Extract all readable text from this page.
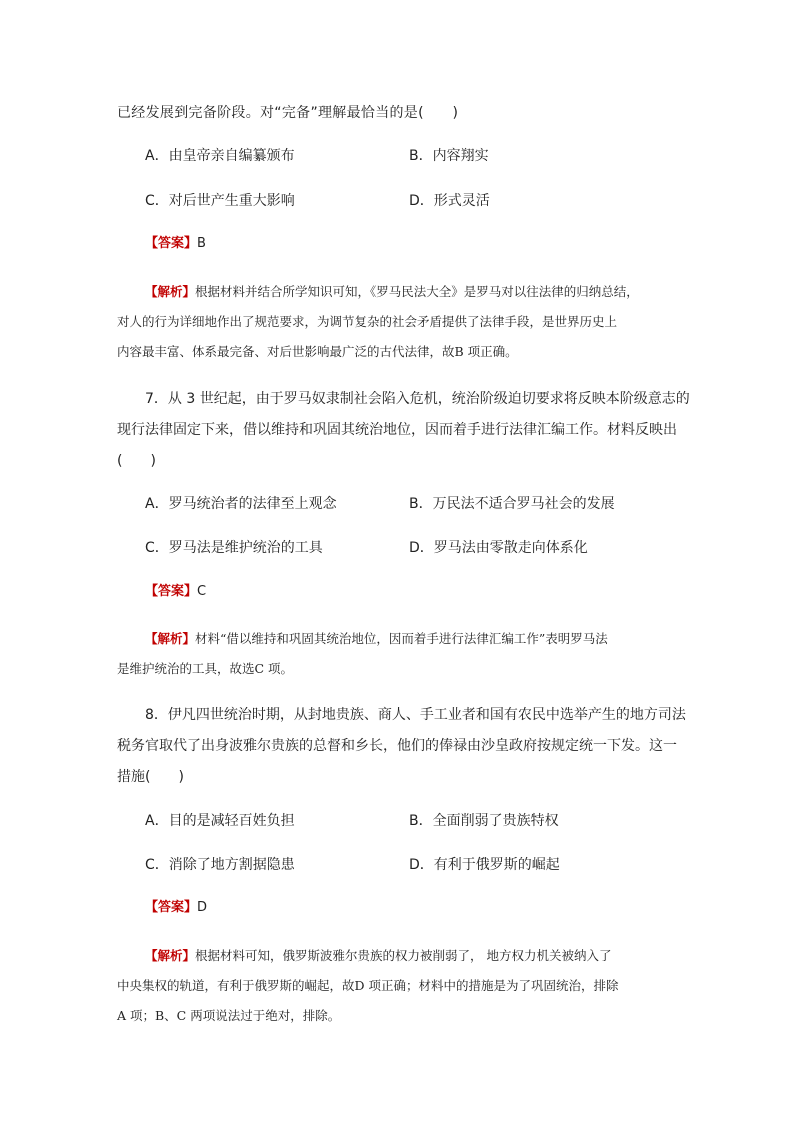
已经发展到完备阶段。对“完备”理解最恰当的是(　　)
A．由皇帝亲自编纂颁布	B．内容翔实
C．对后世产生重大影响	D．形式灵活
【答案】B
【解析】根据材料并结合所学知识可知，《罗马民法大全》是罗马对以往法律的归纳总结，
对人的行为详细地作出了规范要求，为调节复杂的社会矛盾提供了法律手段，是世界历史上
内容最丰富、体系最完备、对后世影响最广泛的古代法律，故B 项正确。
7．从 3 世纪起，由于罗马奴隶制社会陷入危机，统治阶级迫切要求将反映本阶级意志的
现行法律固定下来，借以维持和巩固其统治地位，因而着手进行法律汇编工作。材料反映出
(　　)
A．罗马统治者的法律至上观念	B．万民法不适合罗马社会的发展
C．罗马法是维护统治的工具	D．罗马法由零散走向体系化
【答案】C
【解析】材料“借以维持和巩固其统治地位，因而着手进行法律汇编工作”表明罗马法
是维护统治的工具，故选C 项。
8．伊凡四世统治时期，从封地贵族、商人、手工业者和国有农民中选举产生的地方司法
税务官取代了出身波雅尔贵族的总督和乡长，他们的俸禄由沙皇政府按规定统一下发。这一
措施(　　)
A．目的是减轻百姓负担	B．全面削弱了贵族特权
C．消除了地方割据隐患	D．有利于俄罗斯的崛起
【答案】D
【解析】根据材料可知，俄罗斯波雅尔贵族的权力被削弱了， 地方权力机关被纳入了
中央集权的轨道，有利于俄罗斯的崛起，故D 项正确；材料中的措施是为了巩固统治，排除
A 项；B、C 两项说法过于绝对，排除。
